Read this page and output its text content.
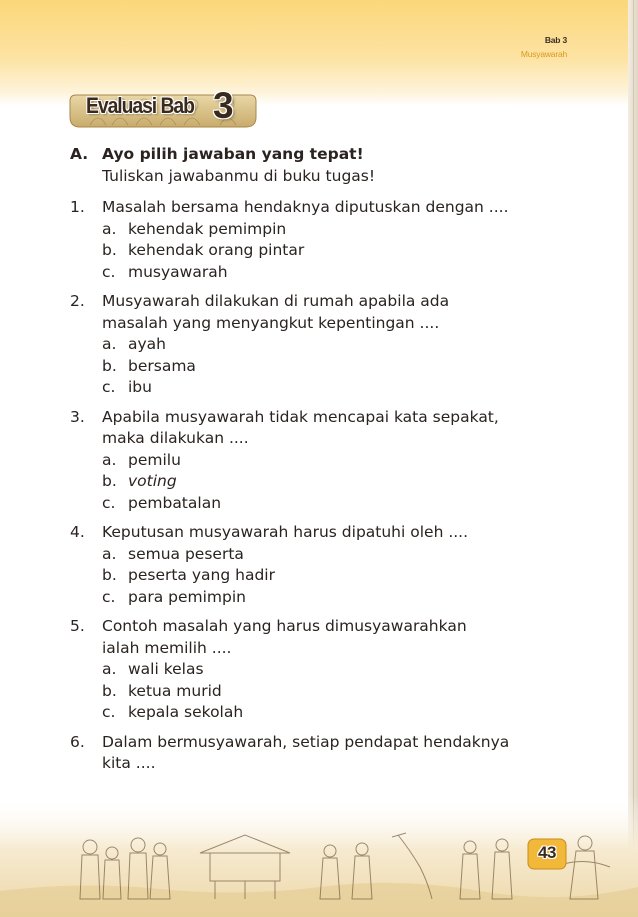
Bab 3
Musyawarah
Evaluasi Bab 3
A. Ayo pilih jawaban yang tepat!
Tuliskan jawabanmu di buku tugas!
1.	Masalah bersama hendaknya diputuskan dengan ....
a. kehendak pemimpin
b. kehendak orang pintar
c. musyawarah
2.	Musyawarah dilakukan di rumah apabila ada
masalah yang menyangkut kepentingan ....
a. ayah
b. bersama
c. ibu
3.	Apabila musyawarah tidak mencapai kata sepakat,
maka dilakukan ....
a. pemilu
b. voting
c. pembatalan
4.	Keputusan musyawarah harus dipatuhi oleh ....
a. semua peserta
b. peserta yang hadir
c. para pemimpin
5.	Contoh masalah yang harus dimusyawarahkan
ialah memilih ....
a. wali kelas
b. ketua murid
c. kepala sekolah
6.	Dalam bermusyawarah, setiap pendapat hendaknya
kita ....
43
